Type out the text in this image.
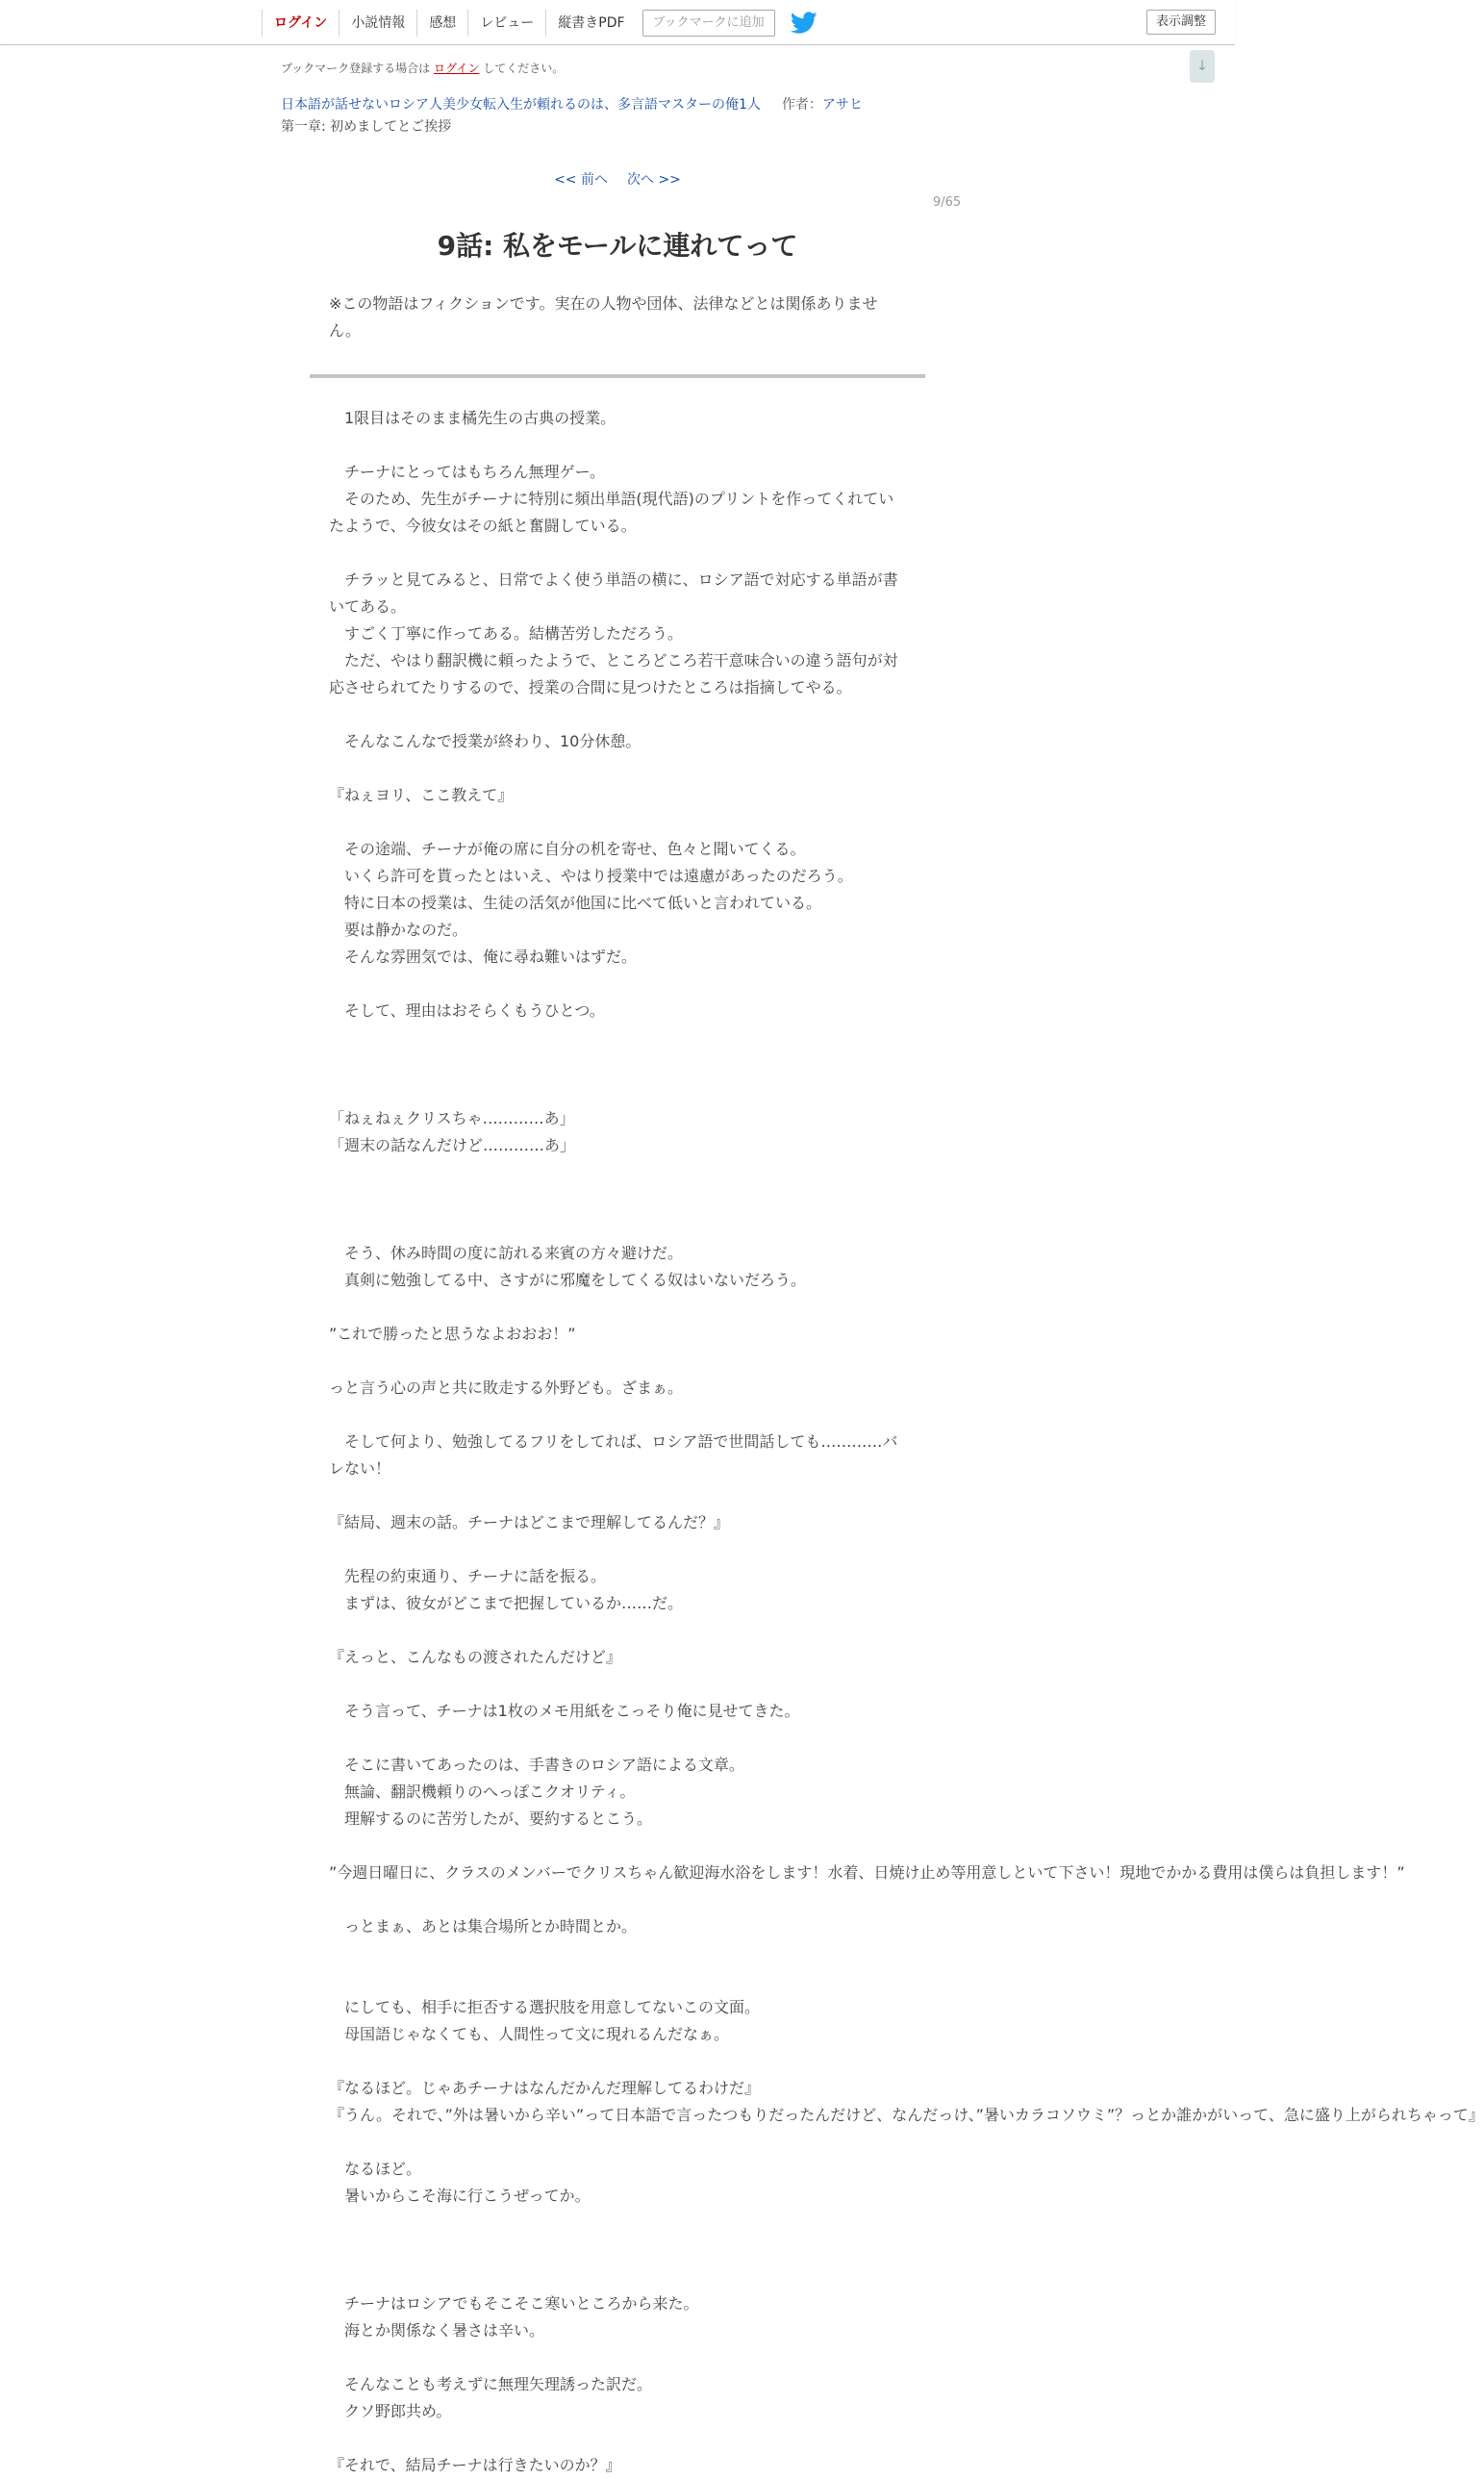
ログイン	小説情報	感想	レビュー	縦書きPDF	ブックマークに追加	表示調整
↓
ブックマーク登録する場合は ログイン してください。
日本語が話せないロシア人美少女転入生が頼れるのは、多言語マスターの俺1人 作者：アサヒ
第一章: 初めましてとご挨拶
<< 前へ 次へ >>
9/65
9話: 私をモールに連れてって

※この物語はフィクションです。実在の人物や団体、法律などとは関係ありません。

　1限目はそのまま橘先生の古典の授業。

　チーナにとってはもちろん無理ゲー。

　そのため、先生がチーナに特別に頻出単語(現代語)のプリントを作ってくれていたようで、今彼女はその紙と奮闘している。

　チラッと見てみると、日常でよく使う単語の横に、ロシア語で対応する単語が書いてある。

　すごく丁寧に作ってある。結構苦労しただろう。

　ただ、やはり翻訳機に頼ったようで、ところどころ若干意味合いの違う語句が対応させられてたりするので、授業の合間に見つけたところは指摘してやる。

　そんなこんなで授業が終わり、10分休憩。

『ねぇヨリ、ここ教えて』

　その途端、チーナが俺の席に自分の机を寄せ、色々と聞いてくる。

　いくら許可を貰ったとはいえ、やはり授業中では遠慮があったのだろう。

　特に日本の授業は、生徒の活気が他国に比べて低いと言われている。

　要は静かなのだ。

　そんな雰囲気では、俺に尋ね難いはずだ。

　そして、理由はおそらくもうひとつ。

「ねぇねぇクリスちゃ…………あ」

「週末の話なんだけど…………あ」

　そう、休み時間の度に訪れる来賓の方々避けだ。

　真剣に勉強してる中、さすがに邪魔をしてくる奴はいないだろう。

”これで勝ったと思うなよおおお！”

っと言う心の声と共に敗走する外野ども。ざまぁ。

　そして何より、勉強してるフリをしてれば、ロシア語で世間話しても…………バレない！

『結局、週末の話。チーナはどこまで理解してるんだ？』

　先程の約束通り、チーナに話を振る。

　まずは、彼女がどこまで把握しているか……だ。

『えっと、こんなもの渡されたんだけど』

　そう言って、チーナは1枚のメモ用紙をこっそり俺に見せてきた。

　そこに書いてあったのは、手書きのロシア語による文章。

　無論、翻訳機頼りのへっぽこクオリティ。

　理解するのに苦労したが、要約するとこう。

”今週日曜日に、クラスのメンバーでクリスちゃん歓迎海水浴をします！水着、日焼け止め等用意しといて下さい！現地でかかる費用は僕らは負担します！”

　っとまぁ、あとは集合場所とか時間とか。

　にしても、相手に拒否する選択肢を用意してないこの文面。

　母国語じゃなくても、人間性って文に現れるんだなぁ。

『なるほど。じゃあチーナはなんだかんだ理解してるわけだ』

『うん。それで、”外は暑いから辛い”って日本語で言ったつもりだったんだけど、なんだっけ、”暑いカラコソウミ”？っとか誰かがいって、急に盛り上がられちゃって』

　なるほど。

　暑いからこそ海に行こうぜってか。

　チーナはロシアでもそこそこ寒いところから来た。

　海とか関係なく暑さは辛い。

　そんなことも考えずに無理矢理誘った訳だ。

　クソ野郎共め。

『それで、結局チーナは行きたいのか？』
